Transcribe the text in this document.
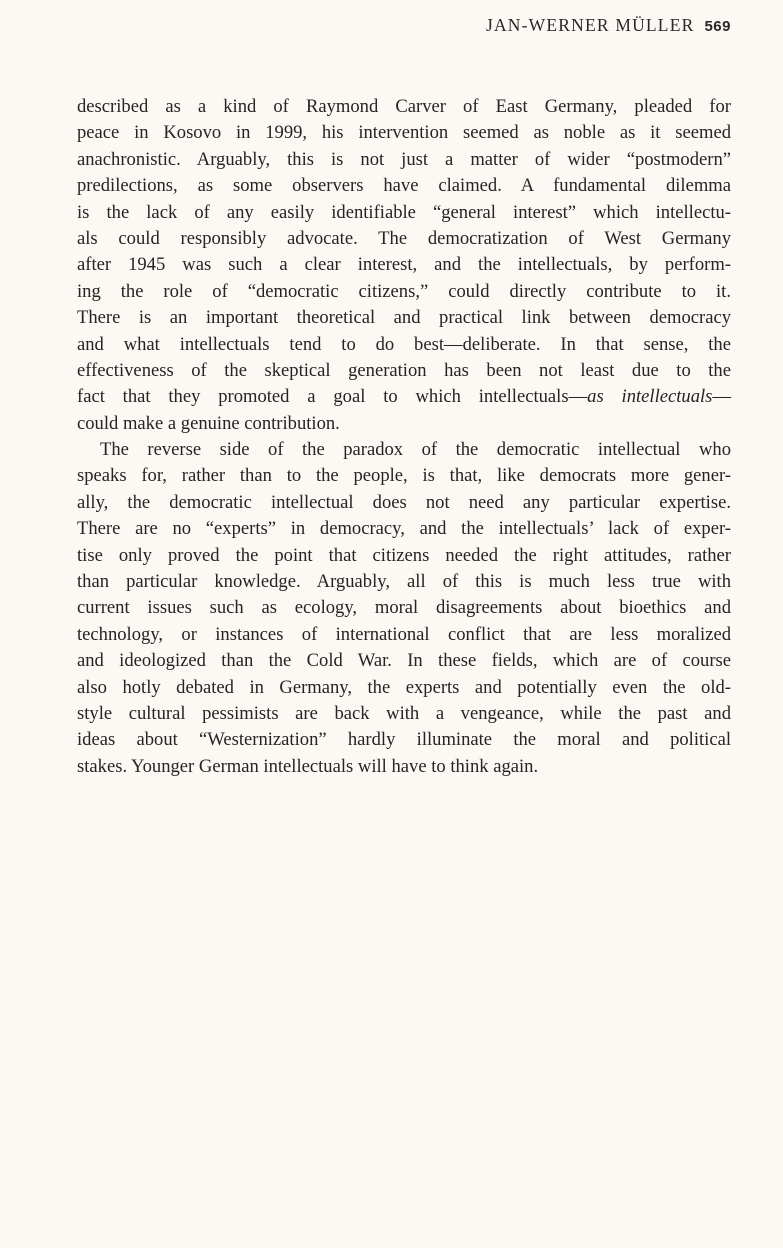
JAN-WERNER MÜLLER 569
described as a kind of Raymond Carver of East Germany, pleaded for
peace in Kosovo in 1999, his intervention seemed as noble as it seemed
anachronistic. Arguably, this is not just a matter of wider “postmodern”
predilections, as some observers have claimed. A fundamental dilemma
is the lack of any easily identifiable “general interest” which intellectu-
als could responsibly advocate. The democratization of West Germany
after 1945 was such a clear interest, and the intellectuals, by perform-
ing the role of “democratic citizens,” could directly contribute to it.
There is an important theoretical and practical link between democracy
and what intellectuals tend to do best—deliberate. In that sense, the
effectiveness of the skeptical generation has been not least due to the
fact that they promoted a goal to which intellectuals—as intellectuals—
could make a genuine contribution.
The reverse side of the paradox of the democratic intellectual who
speaks for, rather than to the people, is that, like democrats more gener-
ally, the democratic intellectual does not need any particular expertise.
There are no “experts” in democracy, and the intellectuals’ lack of exper-
tise only proved the point that citizens needed the right attitudes, rather
than particular knowledge. Arguably, all of this is much less true with
current issues such as ecology, moral disagreements about bioethics and
technology, or instances of international conflict that are less moralized
and ideologized than the Cold War. In these fields, which are of course
also hotly debated in Germany, the experts and potentially even the old-
style cultural pessimists are back with a vengeance, while the past and
ideas about “Westernization” hardly illuminate the moral and political
stakes. Younger German intellectuals will have to think again.
